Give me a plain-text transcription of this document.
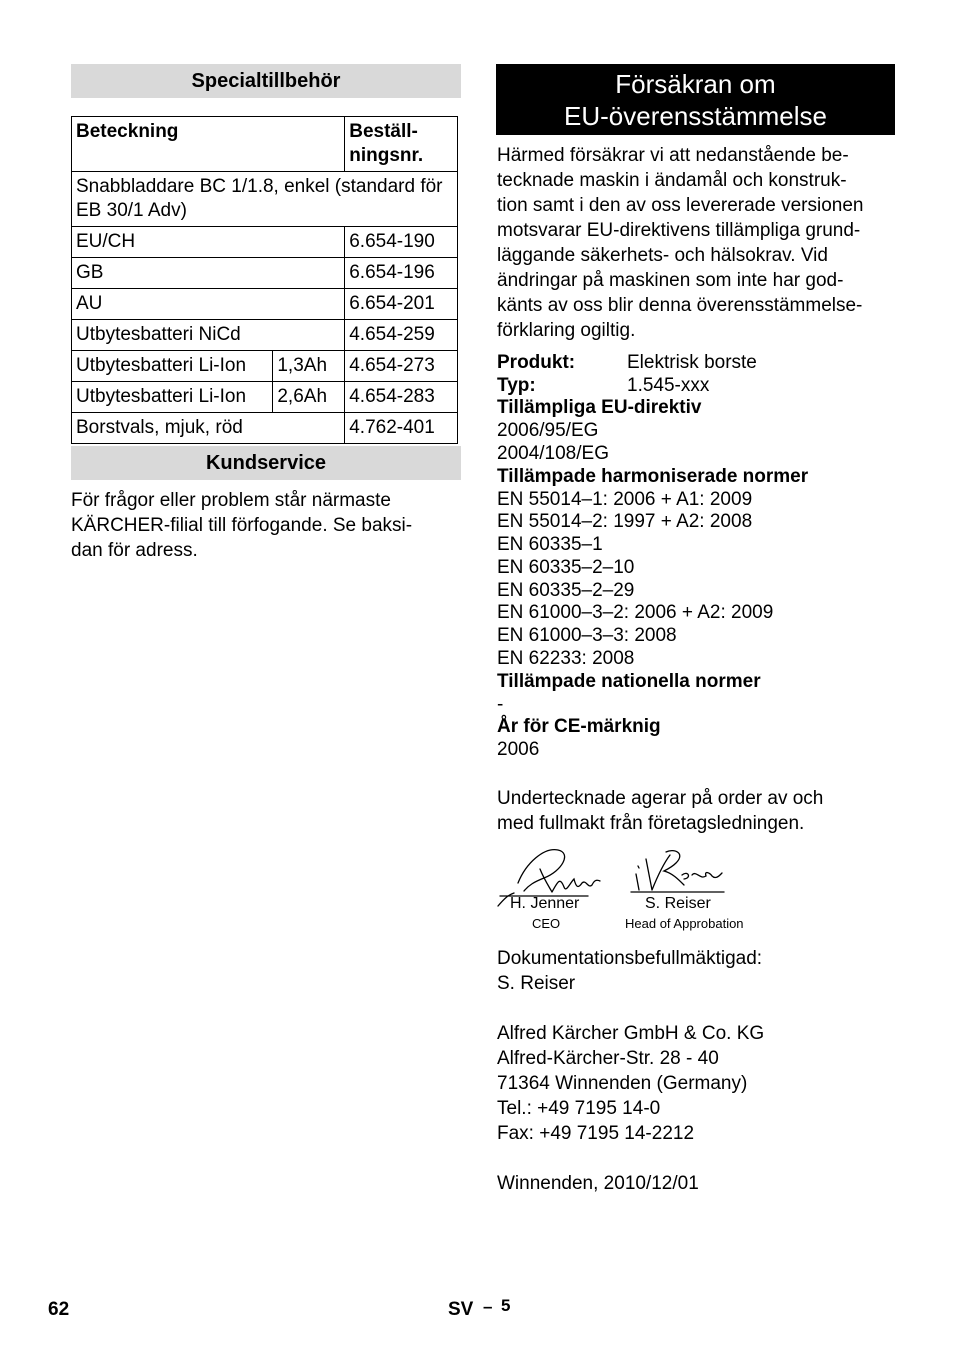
Specialtillbehör
Beteckning		Beställ-
ningsnr.
Snabbladdare BC 1/1.8, enkel (standard för EB 30/1 Adv)		
EU/CH		6.654-190
GB		6.654-196
AU		6.654-201
Utbytesbatteri NiCd		4.654-259
Utbytesbatteri Li-Ion	1,3Ah	4.654-273
Utbytesbatteri Li-Ion	2,6Ah	4.654-283
Borstvals, mjuk, röd		4.762-401
Kundservice
För frågor eller problem står närmaste
KÄRCHER-filial till förfogande. Se baksi-
dan för adress.
Försäkran om
EU-överensstämmelse
Härmed försäkrar vi att nedanstående be-
tecknade maskin i ändamål och konstruk-
tion samt i den av oss levererade versionen
motsvarar EU-direktivens tillämpliga grund-
läggande säkerhets- och hälsokrav. Vid
ändringar på maskinen som inte har god-
känts av oss blir denna överensstämmelse-
förklaring ogiltig.
Produkt:	Elektrisk borste
Typ:	1.545-xxx
Tillämpliga EU-direktiv
2006/95/EG
2004/108/EG
Tillämpade harmoniserade normer
EN 55014–1: 2006 + A1: 2009
EN 55014–2: 1997 + A2: 2008
EN 60335–1
EN 60335–2–10
EN 60335–2–29
EN 61000–3–2: 2006 + A2: 2009
EN 61000–3–3: 2008
EN 62233: 2008
Tillämpade nationella normer
-
År för CE-märknig
2006
Undertecknade agerar på order av och
med fullmakt från företagsledningen.
H. Jenner
CEO
S. Reiser
Head of Approbation
Dokumentationsbefullmäktigad:
S. Reiser
Alfred Kärcher GmbH & Co. KG
Alfred-Kärcher-Str. 28 - 40
71364 Winnenden (Germany)
Tel.: +49 7195 14-0
Fax: +49 7195 14-2212
Winnenden, 2010/12/01
62	SV – 5
